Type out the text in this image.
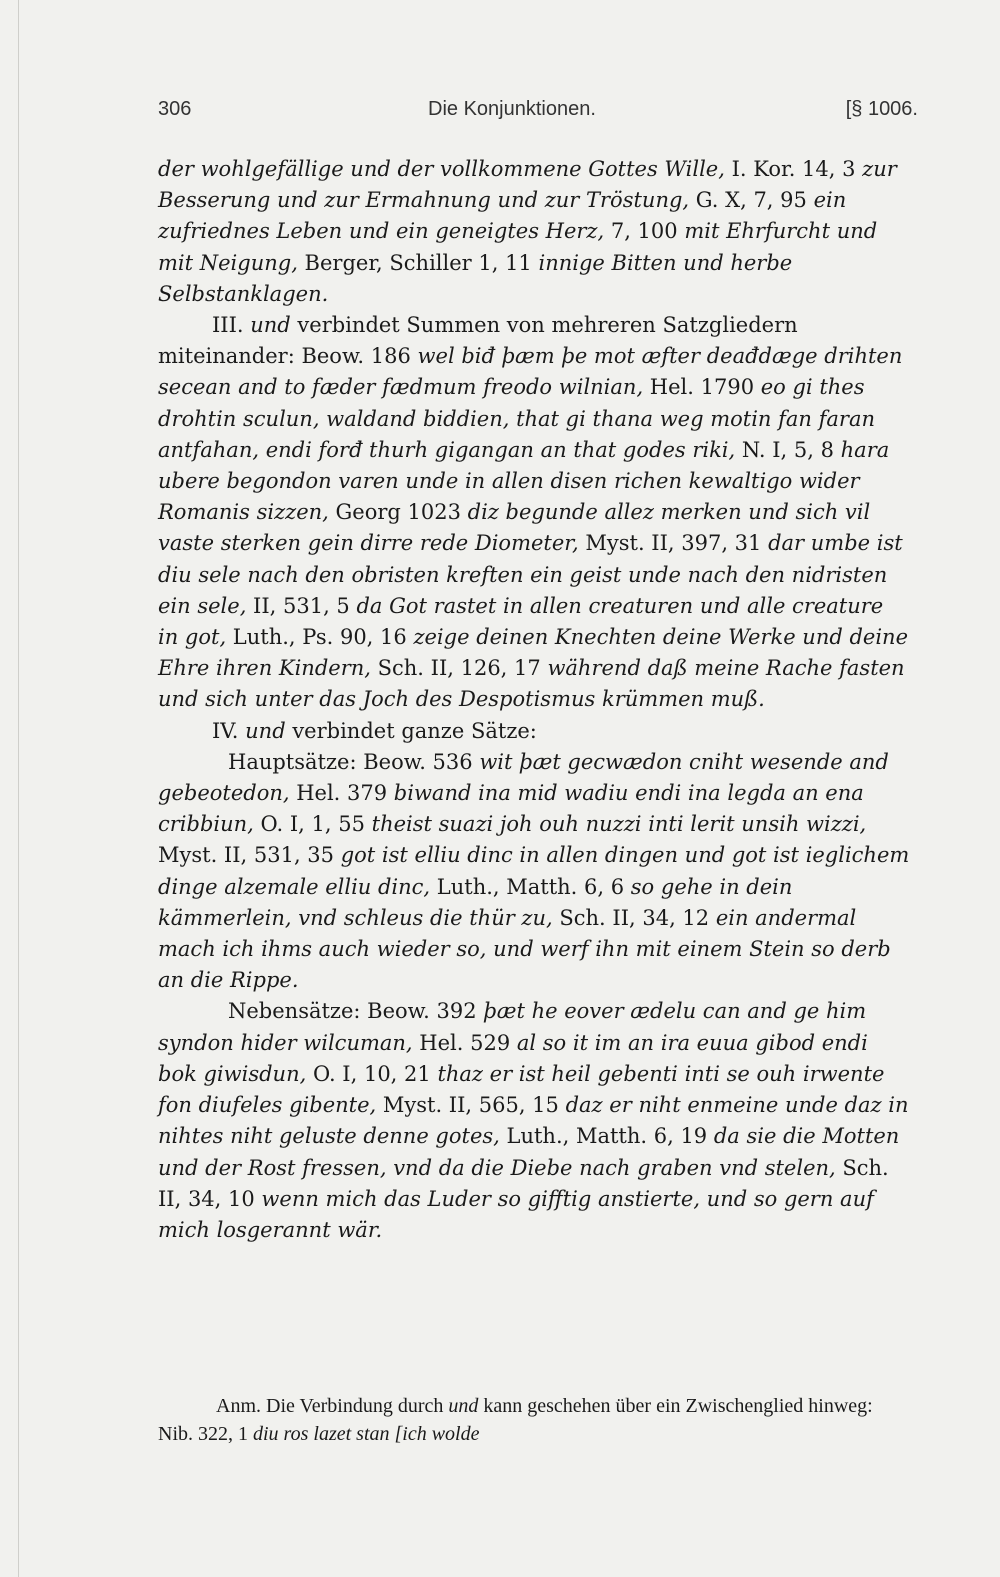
306	Die Konjunktionen.	[§ 1006.

der wohlgefällige und der vollkommene Gottes Wille, I. Kor. 14, 3 zur Besserung und zur Ermahnung und zur Tröstung, G. X, 7, 95 ein zufriednes Leben und ein geneigtes Herz, 7, 100 mit Ehrfurcht und mit Neigung, Berger, Schiller 1, 11 innige Bitten und herbe Selbstanklagen.

III. und verbindet Summen von mehreren Satzgliedern miteinander: Beow. 186 wel biđ þæm þe mot æfter deađdæge drihten secean and to fæder fædmum freodo wilnian, Hel. 1790 eo gi thes drohtin sculun, waldand biddien, that gi thana weg motin fan faran antfahan, endi forđ thurh gigangan an that godes riki, N. I, 5, 8 hara ubere begondon varen unde in allen disen richen kewaltigo wider Romanis sizzen, Georg 1023 diz begunde allez merken und sich vil vaste sterken gein dirre rede Diometer, Myst. II, 397, 31 dar umbe ist diu sele nach den obristen kreften ein geist unde nach den nidristen ein sele, II, 531, 5 da Got rastet in allen creaturen und alle creature in got, Luth., Ps. 90, 16 zeige deinen Knechten deine Werke und deine Ehre ihren Kindern, Sch. II, 126, 17 während daß meine Rache fasten und sich unter das Joch des Despotismus krümmen muß.

IV. und verbindet ganze Sätze:

Hauptsätze: Beow. 536 wit þæt gecwædon cniht wesende and gebeotedon, Hel. 379 biwand ina mid wadiu endi ina legda an ena cribbiun, O. I, 1, 55 theist suazi joh ouh nuzzi inti lerit unsih wizzi, Myst. II, 531, 35 got ist elliu dinc in allen dingen und got ist ieglichem dinge alzemale elliu dinc, Luth., Matth. 6, 6 so gehe in dein kämmerlein, vnd schleus die thür zu, Sch. II, 34, 12 ein andermal mach ich ihms auch wieder so, und werf ihn mit einem Stein so derb an die Rippe.

Nebensätze: Beow. 392 þæt he eover ædelu can and ge him syndon hider wilcuman, Hel. 529 al so it im an ira euua gibod endi bok giwisdun, O. I, 10, 21 thaz er ist heil gebenti inti se ouh irwente fon diufeles gibente, Myst. II, 565, 15 daz er niht enmeine unde daz in nihtes niht geluste denne gotes, Luth., Matth. 6, 19 da sie die Motten und der Rost fressen, vnd da die Diebe nach graben vnd stelen, Sch. II, 34, 10 wenn mich das Luder so gifftig anstierte, und so gern auf mich losgerannt wär.

Anm. Die Verbindung durch und kann geschehen über ein Zwischenglied hinweg: Nib. 322, 1 diu ros lazet stan [ich wolde
